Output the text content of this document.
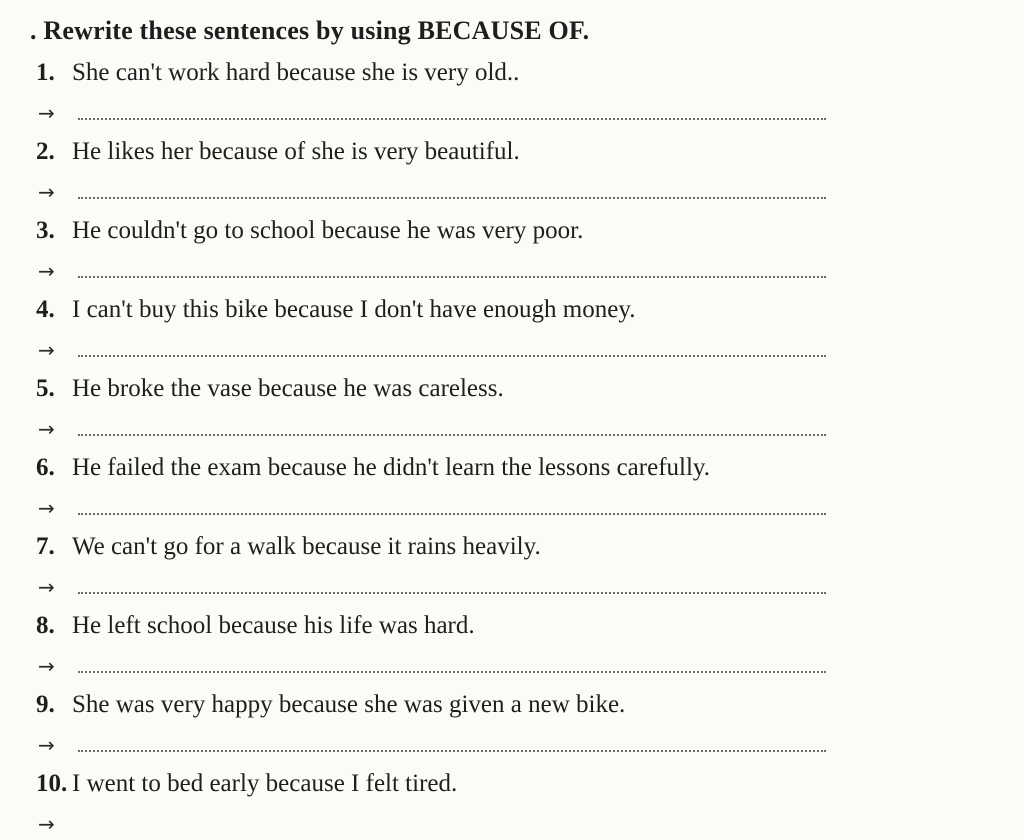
. Rewrite these sentences by using BECAUSE OF.
1. She can't work hard because she is very old..
→
2. He likes her because of she is very beautiful.
→
3. He couldn't go to school because he was very poor.
→
4. I can't buy this bike because I don't have enough money.
→
5. He broke the vase because he was careless.
→
6. He failed the exam because he didn't learn the lessons carefully.
→
7. We can't go for a walk because it rains heavily.
→
8. He left school because his life was hard.
→
9. She was very happy because she was given a new bike.
→
10. I went to bed early because I felt tired.
→
